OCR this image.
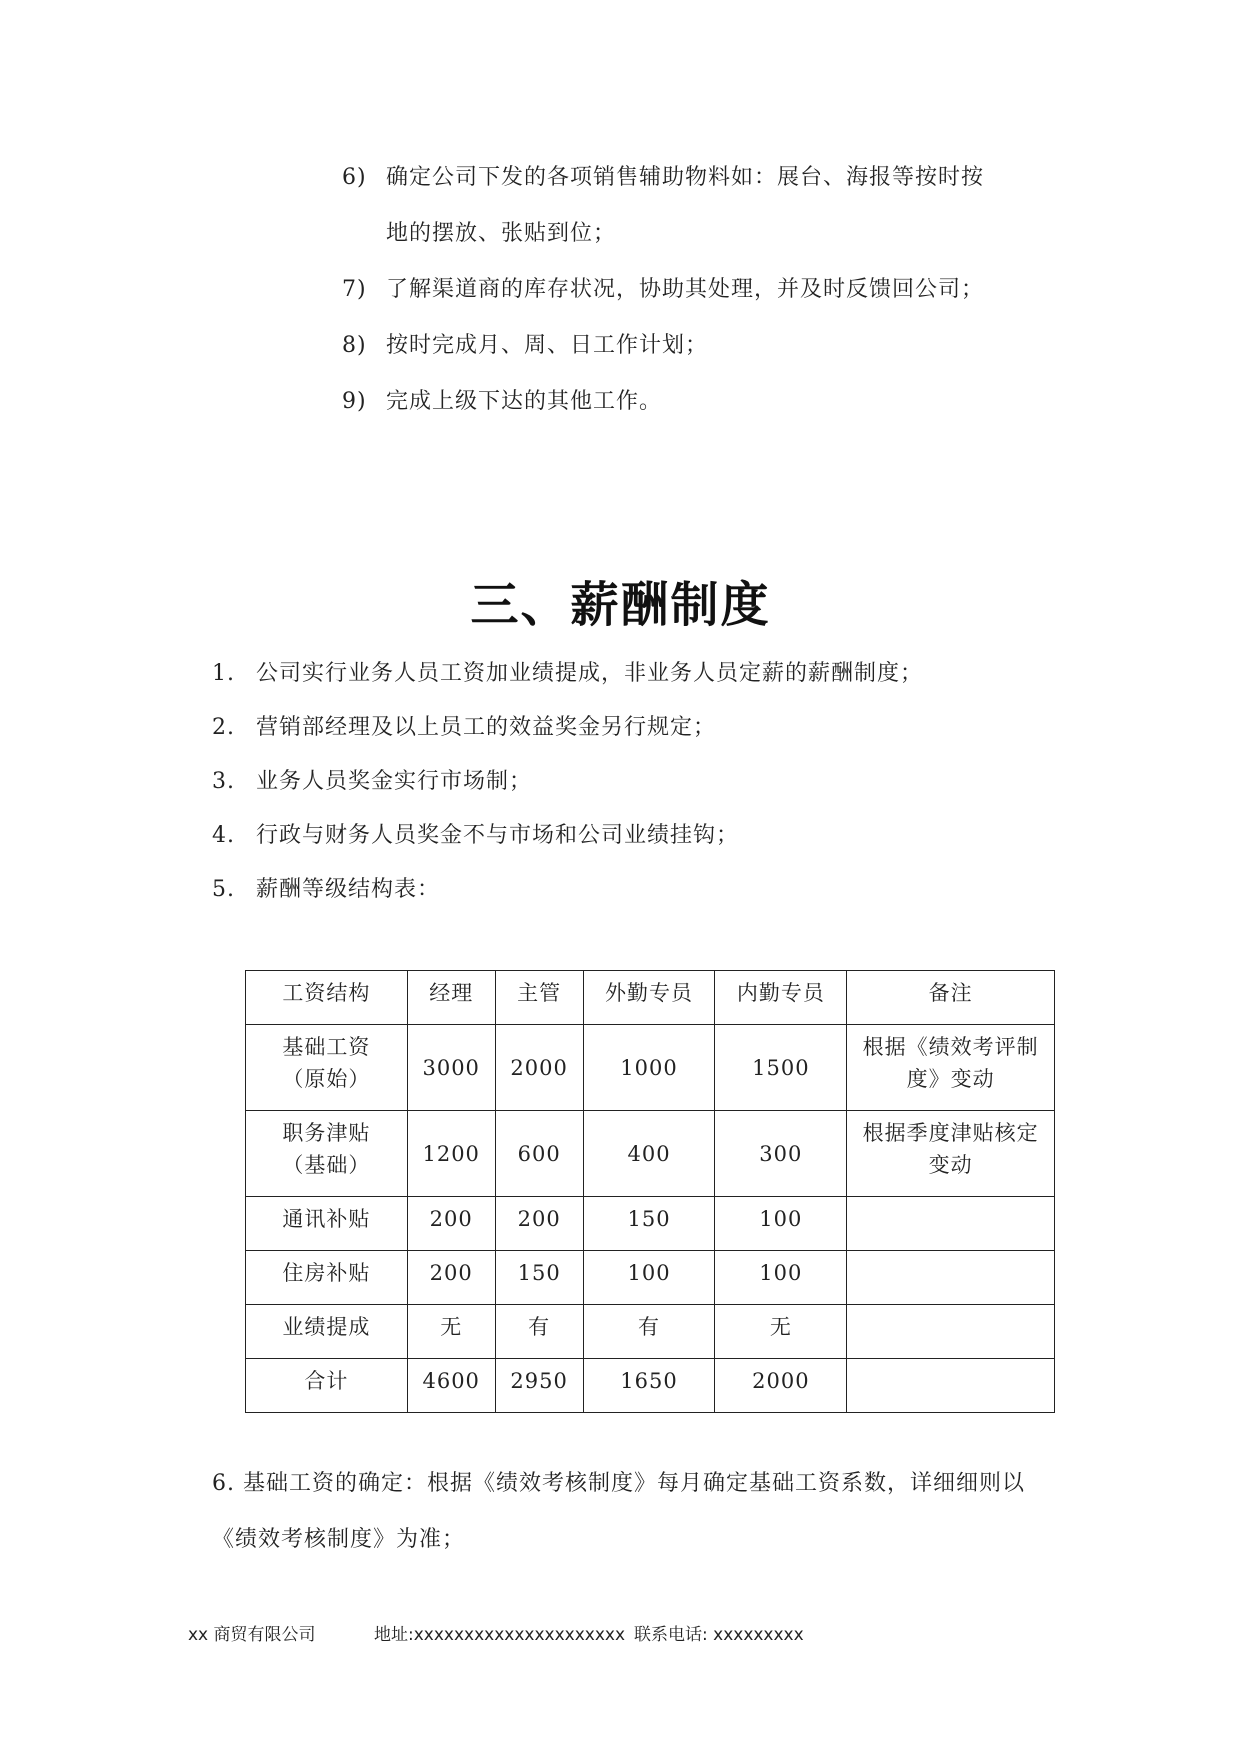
6) 确定公司下发的各项销售辅助物料如：展台、海报等按时按
地的摆放、张贴到位；
7) 了解渠道商的库存状况，协助其处理，并及时反馈回公司；
8) 按时完成月、周、日工作计划；
9) 完成上级下达的其他工作。
三、薪酬制度
1. 公司实行业务人员工资加业绩提成，非业务人员定薪的薪酬制度；
2. 营销部经理及以上员工的效益奖金另行规定；
3. 业务人员奖金实行市场制；
4. 行政与财务人员奖金不与市场和公司业绩挂钩；
5. 薪酬等级结构表：
工资结构	经理	主管	外勤专员	内勤专员	备注

基础工资
（原始）	3000	2000	1000	1500	根据《绩效考评制度》变动

职务津贴
（基础）	1200	600	400	300	根据季度津贴核定变动
通讯补贴	200	200	150	100	
住房补贴	200	150	100	100	
业绩提成	无	有	有	无	
合计	4600	2950	1650	2000	
6. 基础工资的确定：根据《绩效考核制度》每月确定基础工资系数，详细细则以《绩效考核制度》为准；
xx 商贸有限公司	地址:xxxxxxxxxxxxxxxxxxxxx 联系电话: xxxxxxxxx
